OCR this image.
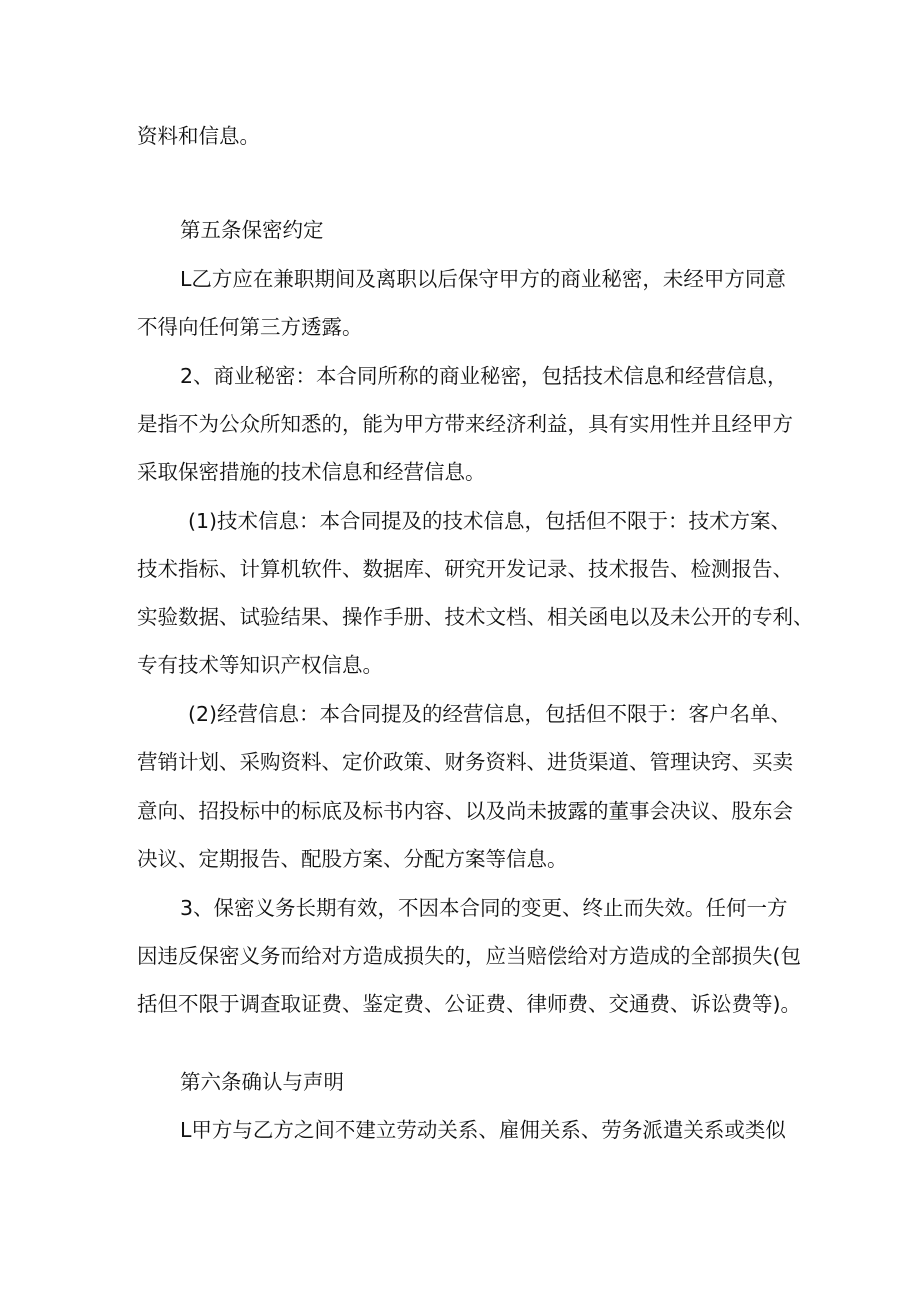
资料和信息。
第五条保密约定
L乙方应在兼职期间及离职以后保守甲方的商业秘密，未经甲方同意
不得向任何第三方透露。
2、商业秘密：本合同所称的商业秘密，包括技术信息和经营信息，
是指不为公众所知悉的，能为甲方带来经济利益，具有实用性并且经甲方
采取保密措施的技术信息和经营信息。
(1)技术信息：本合同提及的技术信息，包括但不限于：技术方案、
技术指标、计算机软件、数据库、研究开发记录、技术报告、检测报告、
实验数据、试验结果、操作手册、技术文档、相关函电以及未公开的专利、
专有技术等知识产权信息。
(2)经营信息：本合同提及的经营信息，包括但不限于：客户名单、
营销计划、采购资料、定价政策、财务资料、进货渠道、管理诀窍、买卖
意向、招投标中的标底及标书内容、以及尚未披露的董事会决议、股东会
决议、定期报告、配股方案、分配方案等信息。
3、保密义务长期有效，不因本合同的变更、终止而失效。任何一方
因违反保密义务而给对方造成损失的，应当赔偿给对方造成的全部损失(包
括但不限于调查取证费、鉴定费、公证费、律师费、交通费、诉讼费等)。
第六条确认与声明
L甲方与乙方之间不建立劳动关系、雇佣关系、劳务派遣关系或类似
